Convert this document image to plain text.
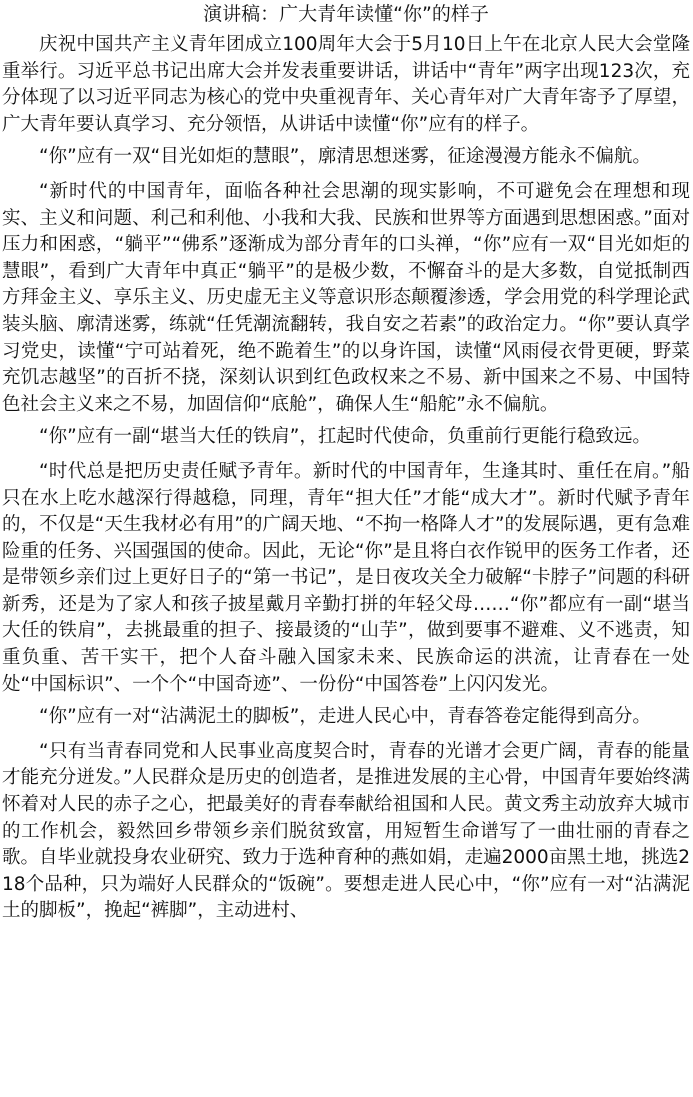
演讲稿：广大青年读懂“你”的样子

庆祝中国共产主义青年团成立100周年大会于5月10日上午在北京人民大会堂隆重举行。习近平总书记出席大会并发表重要讲话，讲话中“青年”两字出现123次，充分体现了以习近平同志为核心的党中央重视青年、关心青年对广大青年寄予了厚望，广大青年要认真学习、充分领悟，从讲话中读懂“你”应有的样子。

“你”应有一双“目光如炬的慧眼”，廓清思想迷雾，征途漫漫方能永不偏航。

“新时代的中国青年，面临各种社会思潮的现实影响，不可避免会在理想和现实、主义和问题、利己和利他、小我和大我、民族和世界等方面遇到思想困惑。”面对压力和困惑，“躺平”“佛系”逐渐成为部分青年的口头禅，“你”应有一双“目光如炬的慧眼”，看到广大青年中真正“躺平”的是极少数，不懈奋斗的是大多数，自觉抵制西方拜金主义、享乐主义、历史虚无主义等意识形态颠覆渗透，学会用党的科学理论武装头脑、廓清迷雾，练就“任凭潮流翻转，我自安之若素”的政治定力。“你”要认真学习党史，读懂“宁可站着死，绝不跪着生”的以身许国，读懂“风雨侵衣骨更硬，野菜充饥志越坚”的百折不挠，深刻认识到红色政权来之不易、新中国来之不易、中国特色社会主义来之不易，加固信仰“底舱”，确保人生“船舵”永不偏航。

“你”应有一副“堪当大任的铁肩”，扛起时代使命，负重前行更能行稳致远。

“时代总是把历史责任赋予青年。新时代的中国青年，生逢其时、重任在肩。”船只在水上吃水越深行得越稳，同理，青年“担大任”才能“成大才”。新时代赋予青年的，不仅是“天生我材必有用”的广阔天地、“不拘一格降人才”的发展际遇，更有急难险重的任务、兴国强国的使命。因此，无论“你”是且将白衣作锐甲的医务工作者，还是带领乡亲们过上更好日子的“第一书记”，是日夜攻关全力破解“卡脖子”问题的科研新秀，还是为了家人和孩子披星戴月辛勤打拼的年轻父母……“你”都应有一副“堪当大任的铁肩”，去挑最重的担子、接最烫的“山芋”，做到要事不避难、义不逃责，知重负重、苦干实干，把个人奋斗融入国家未来、民族命运的洪流，让青春在一处处“中国标识”、一个个“中国奇迹”、一份份“中国答卷”上闪闪发光。

“你”应有一对“沾满泥土的脚板”，走进人民心中，青春答卷定能得到高分。

“只有当青春同党和人民事业高度契合时，青春的光谱才会更广阔，青春的能量才能充分迸发。”人民群众是历史的创造者，是推进发展的主心骨，中国青年要始终满怀着对人民的赤子之心，把最美好的青春奉献给祖国和人民。黄文秀主动放弃大城市的工作机会，毅然回乡带领乡亲们脱贫致富，用短暂生命谱写了一曲壮丽的青春之歌。自毕业就投身农业研究、致力于选种育种的燕如娟，走遍2000亩黑土地，挑选218个品种，只为端好人民群众的“饭碗”。要想走进人民心中，“你”应有一对“沾满泥土的脚板”，挽起“裤脚”，主动进村、
